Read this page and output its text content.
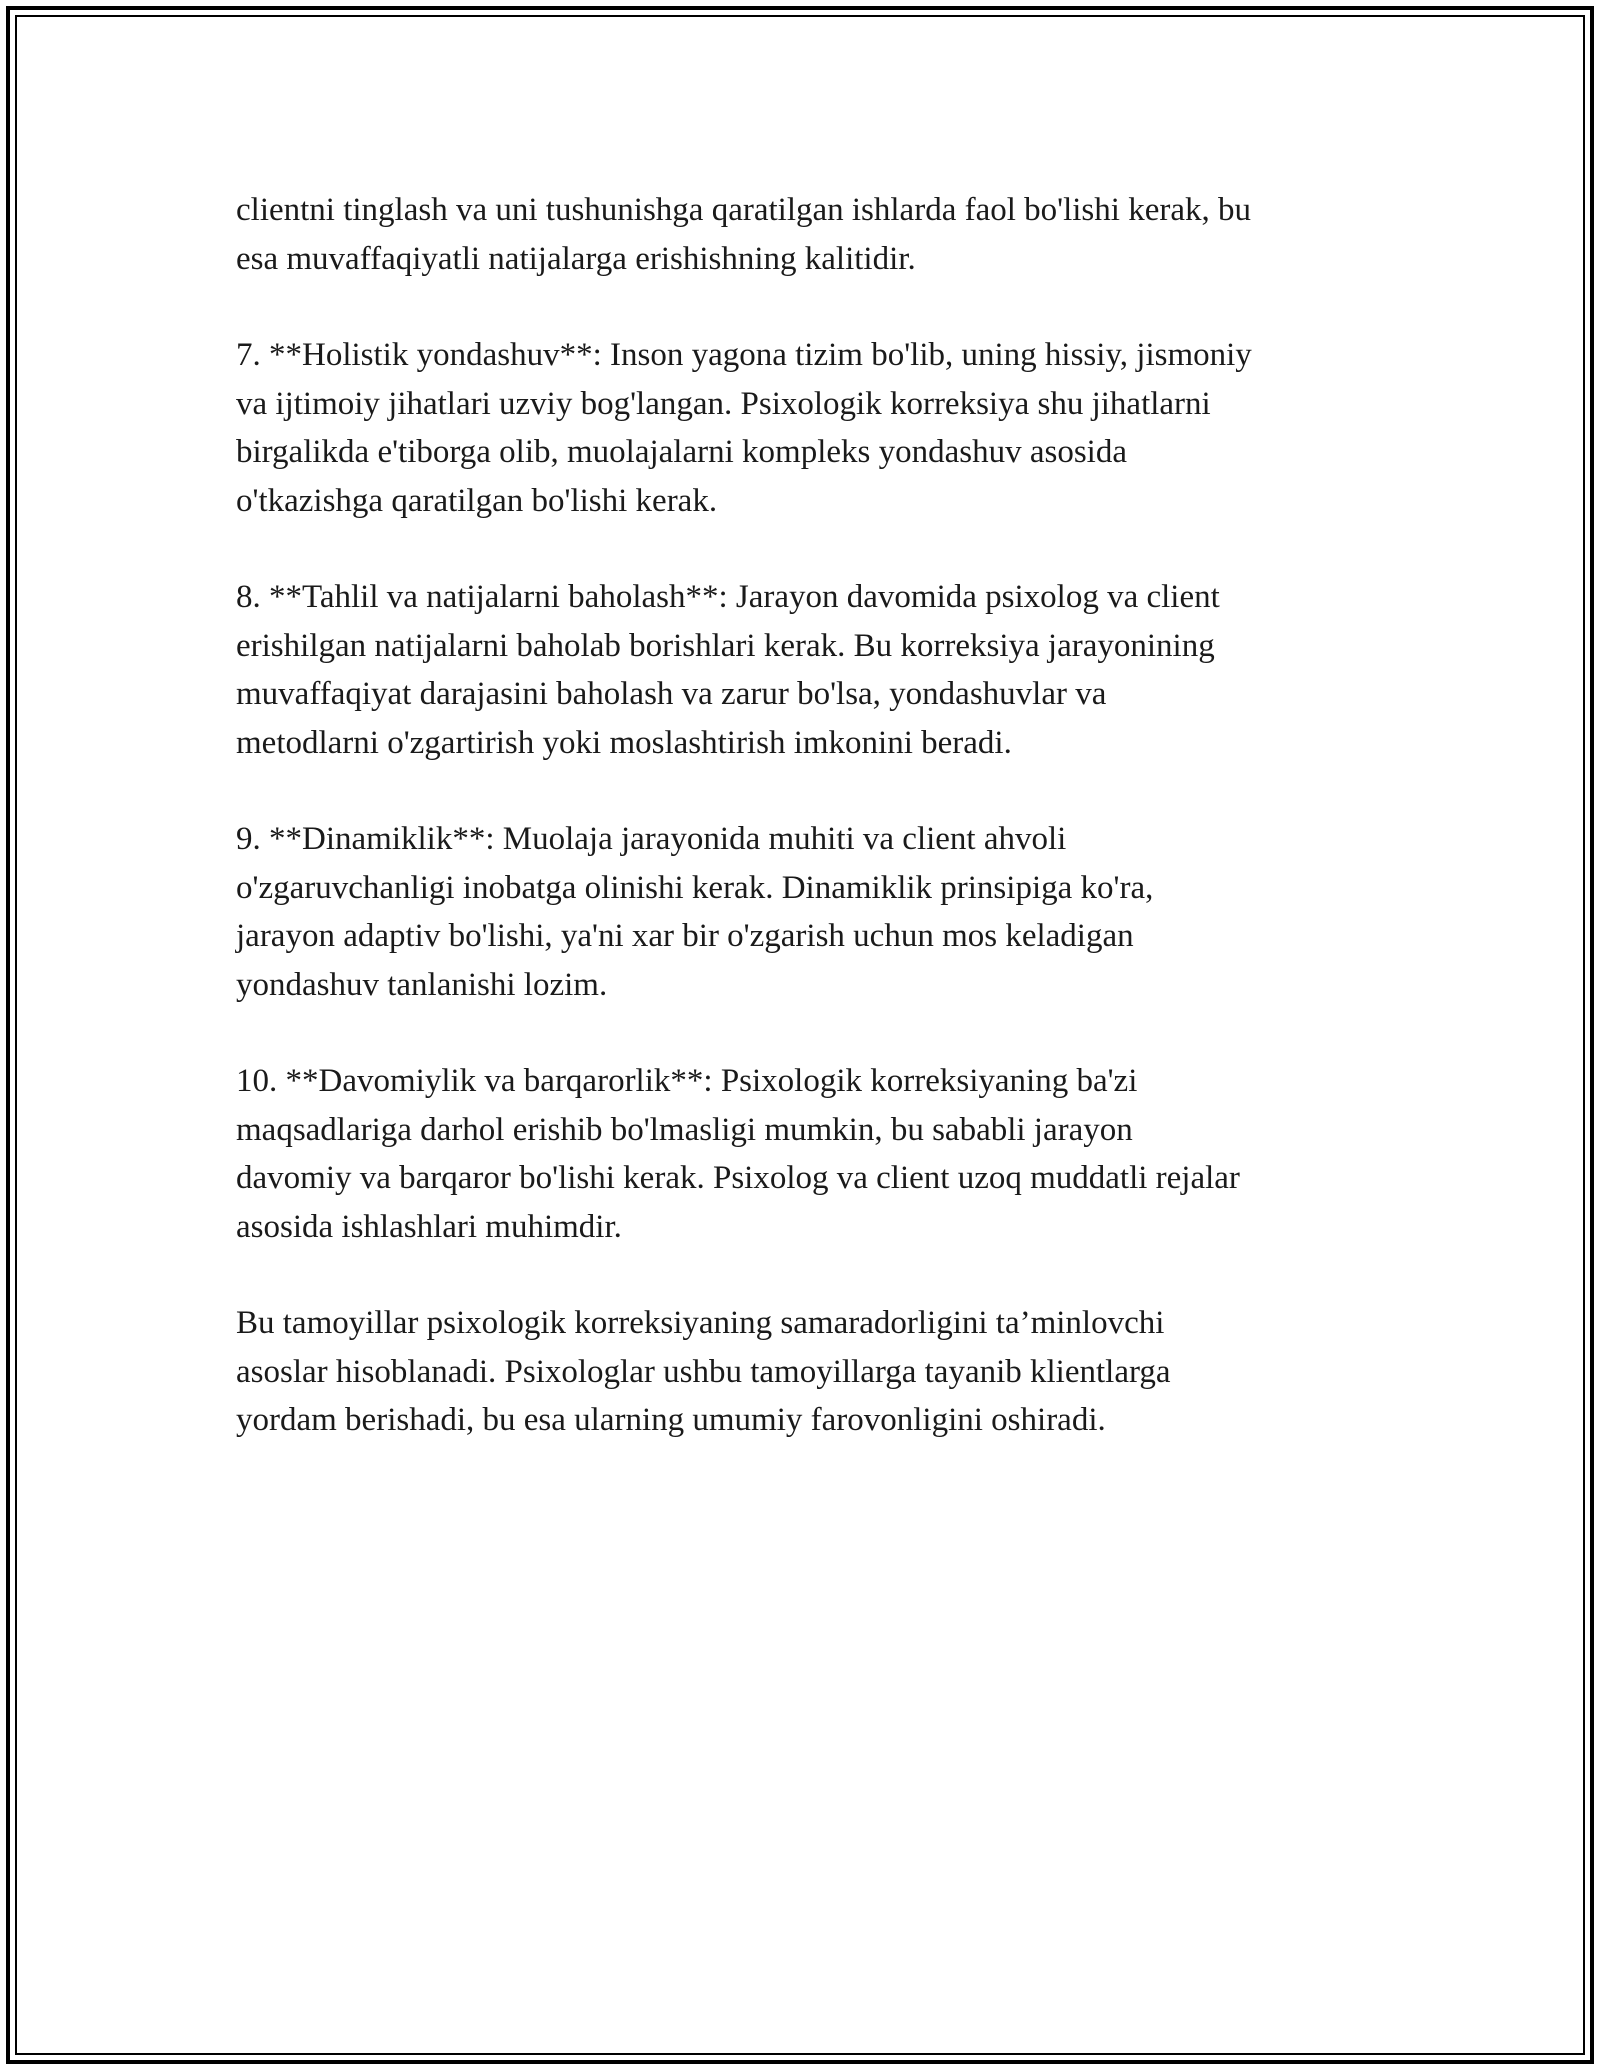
clientni tinglash va uni tushunishga qaratilgan ishlarda faol bo'lishi kerak, bu
esa muvaffaqiyatli natijalarga erishishning kalitidir.

7. **Holistik yondashuv**: Inson yagona tizim bo'lib, uning hissiy, jismoniy
va ijtimoiy jihatlari uzviy bog'langan. Psixologik korreksiya shu jihatlarni
birgalikda e'tiborga olib, muolajalarni kompleks yondashuv asosida
o'tkazishga qaratilgan bo'lishi kerak.

8. **Tahlil va natijalarni baholash**: Jarayon davomida psixolog va client
erishilgan natijalarni baholab borishlari kerak. Bu korreksiya jarayonining
muvaffaqiyat darajasini baholash va zarur bo'lsa, yondashuvlar va
metodlarni o'zgartirish yoki moslashtirish imkonini beradi.

9. **Dinamiklik**: Muolaja jarayonida muhiti va client ahvoli
o'zgaruvchanligi inobatga olinishi kerak. Dinamiklik prinsipiga ko'ra,
jarayon adaptiv bo'lishi, ya'ni xar bir o'zgarish uchun mos keladigan
yondashuv tanlanishi lozim.

10. **Davomiylik va barqarorlik**: Psixologik korreksiyaning ba'zi
maqsadlariga darhol erishib bo'lmasligi mumkin, bu sababli jarayon
davomiy va barqaror bo'lishi kerak. Psixolog va client uzoq muddatli rejalar
asosida ishlashlari muhimdir.

Bu tamoyillar psixologik korreksiyaning samaradorligini ta’minlovchi
asoslar hisoblanadi. Psixologlar ushbu tamoyillarga tayanib klientlarga
yordam berishadi, bu esa ularning umumiy farovonligini oshiradi.
